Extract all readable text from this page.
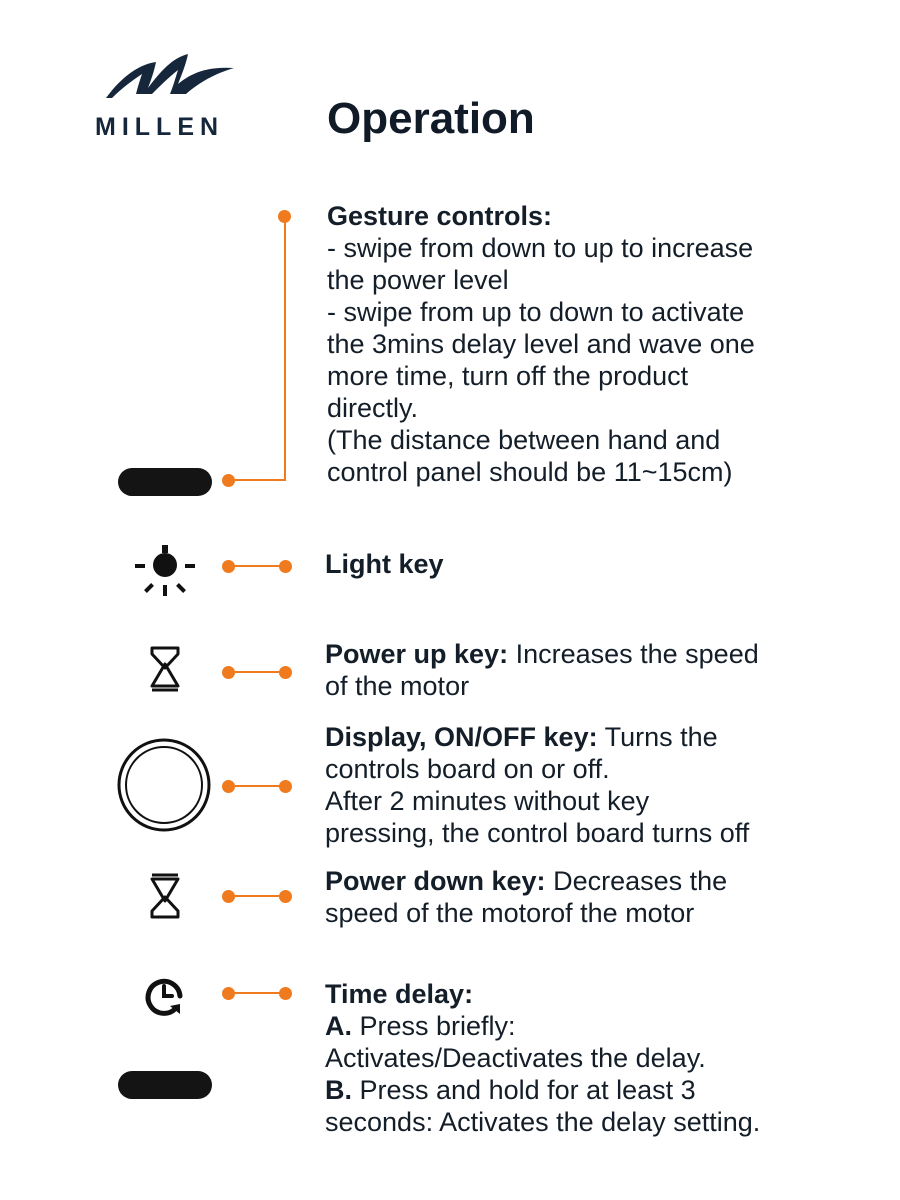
MILLEN	Operation
Gesture controls:
- swipe from down to up to increase
the power level
- swipe from up to down to activate
the 3mins delay level and wave one
more time, turn off the product
directly.
(The distance between hand and
control panel should be 11~15cm)
Light key
Power up key: Increases the speed
of the motor
Display, ON/OFF key: Turns the
controls board on or off.
After 2 minutes without key
pressing, the control board turns off
Power down key: Decreases the
speed of the motorof the motor
Time delay:
A. Press briefly:
Activates/Deactivates the delay.
B. Press and hold for at least 3
seconds: Activates the delay setting.
